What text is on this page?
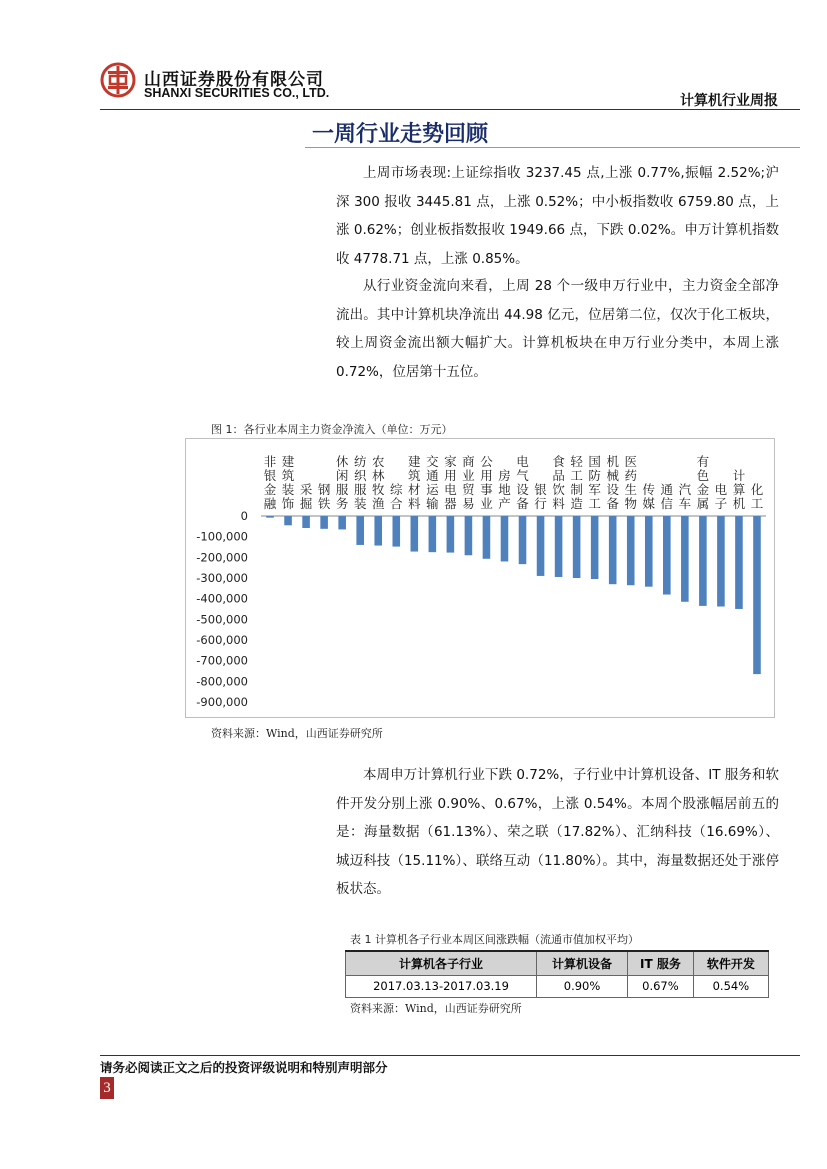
山西证券股份有限公司
SHANXI SECURITIES CO., LTD.	计算机行业周报
一周行业走势回顾

上周市场表现:上证综指收 3237.45 点,上涨 0.77%,振幅 2.52%;沪深 300 报收 3445.81 点，上涨 0.52%；中小板指数收 6759.80 点，上涨 0.62%；创业板指数报收 1949.66 点，下跌 0.02%。申万计算机指数收 4778.71 点，上涨 0.85%。

从行业资金流向来看，上周 28 个一级申万行业中，主力资金全部净流出。其中计算机块净流出 44.98 亿元，位居第二位，仅次于化工板块，较上周资金流出额大幅扩大。计算机板块在申万行业分类中，本周上涨 0.72%，位居第十五位。

图 1：各行业本周主力资金净流入（单位：万元）
0
-100,000
-200,000
-300,000
-400,000
-500,000
-600,000
-700,000
-800,000
-900,000
非银金融
建筑装饰
采掘
钢铁
休闲服务
纺织服装
农林牧渔
综合
建筑材料
交通运输
家用电器
商业贸易
公用事业
房地产
电气设备
银行
食品饮料
轻工制造
国防军工
机械设备
医药生物
传媒
通信
汽车
有色金属
电子
计算机
化工
资料来源：Wind，山西证券研究所

本周申万计算机行业下跌 0.72%，子行业中计算机设备、IT 服务和软件开发分别上涨 0.90%、0.67%，上涨 0.54%。本周个股涨幅居前五的是：海量数据（61.13%）、荣之联（17.82%）、汇纳科技（16.69%）、城迈科技（15.11%）、联络互动（11.80%）。其中，海量数据还处于涨停板状态。

表 1 计算机各子行业本周区间涨跌幅（流通市值加权平均）
计算机各子行业	计算机设备	IT 服务	软件开发
2017.03.13-2017.03.19	0.90%	0.67%	0.54%
资料来源：Wind，山西证券研究所
请务必阅读正文之后的投资评级说明和特别声明部分
3
